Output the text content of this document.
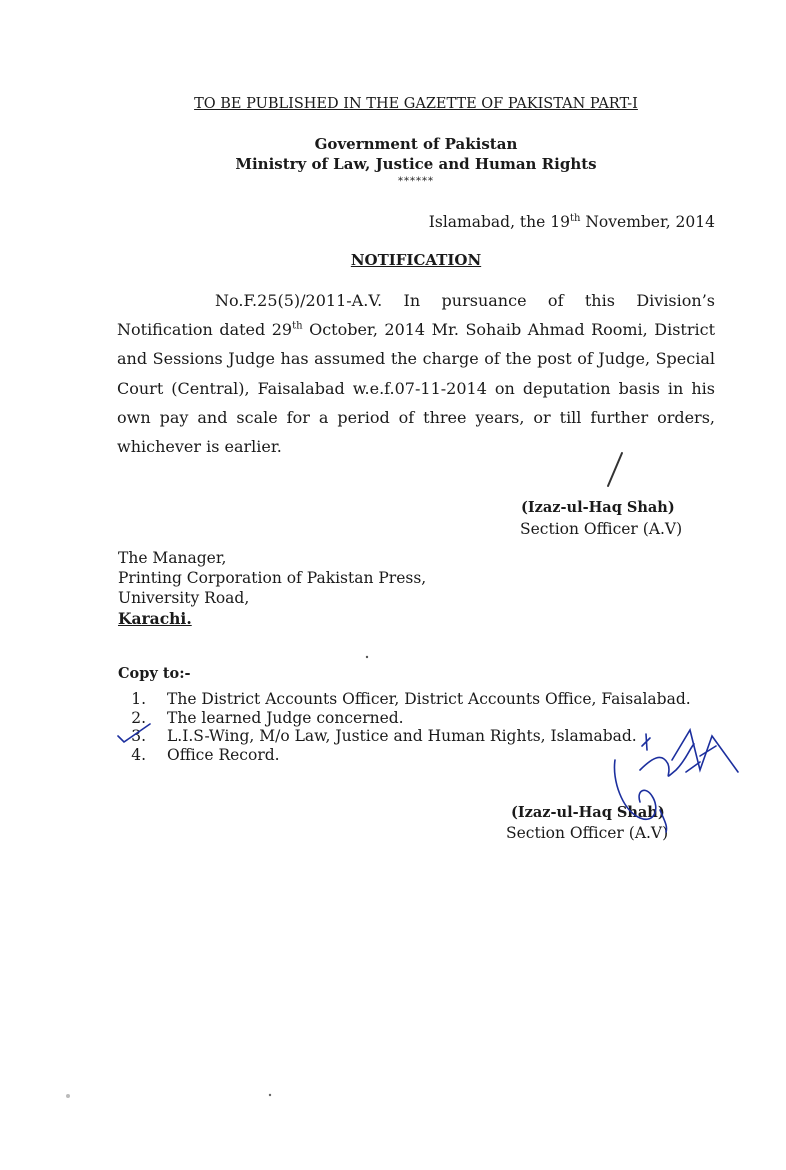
TO BE PUBLISHED IN THE GAZETTE OF PAKISTAN PART-I
Government of Pakistan
Ministry of Law, Justice and Human Rights
******
Islamabad, the 19th November, 2014
NOTIFICATION
No.F.25(5)/2011-A.V. In pursuance of this Division’s Notification dated 29th October, 2014 Mr. Sohaib Ahmad Roomi, District and Sessions Judge has assumed the charge of the post of Judge, Special Court (Central), Faisalabad w.e.f.07-11-2014 on deputation basis in his own pay and scale for a period of three years, or till further orders, whichever is earlier.
(Izaz-ul-Haq Shah)
Section Officer (A.V)
The Manager,
Printing Corporation of Pakistan Press,
University Road,
Karachi.
Copy to:-
1. The District Accounts Officer, District Accounts Office, Faisalabad.
2. The learned Judge concerned.
3. L.I.S-Wing, M/o Law, Justice and Human Rights, Islamabad.
4. Office Record.
(Izaz-ul-Haq Shah)
Section Officer (A.V)
